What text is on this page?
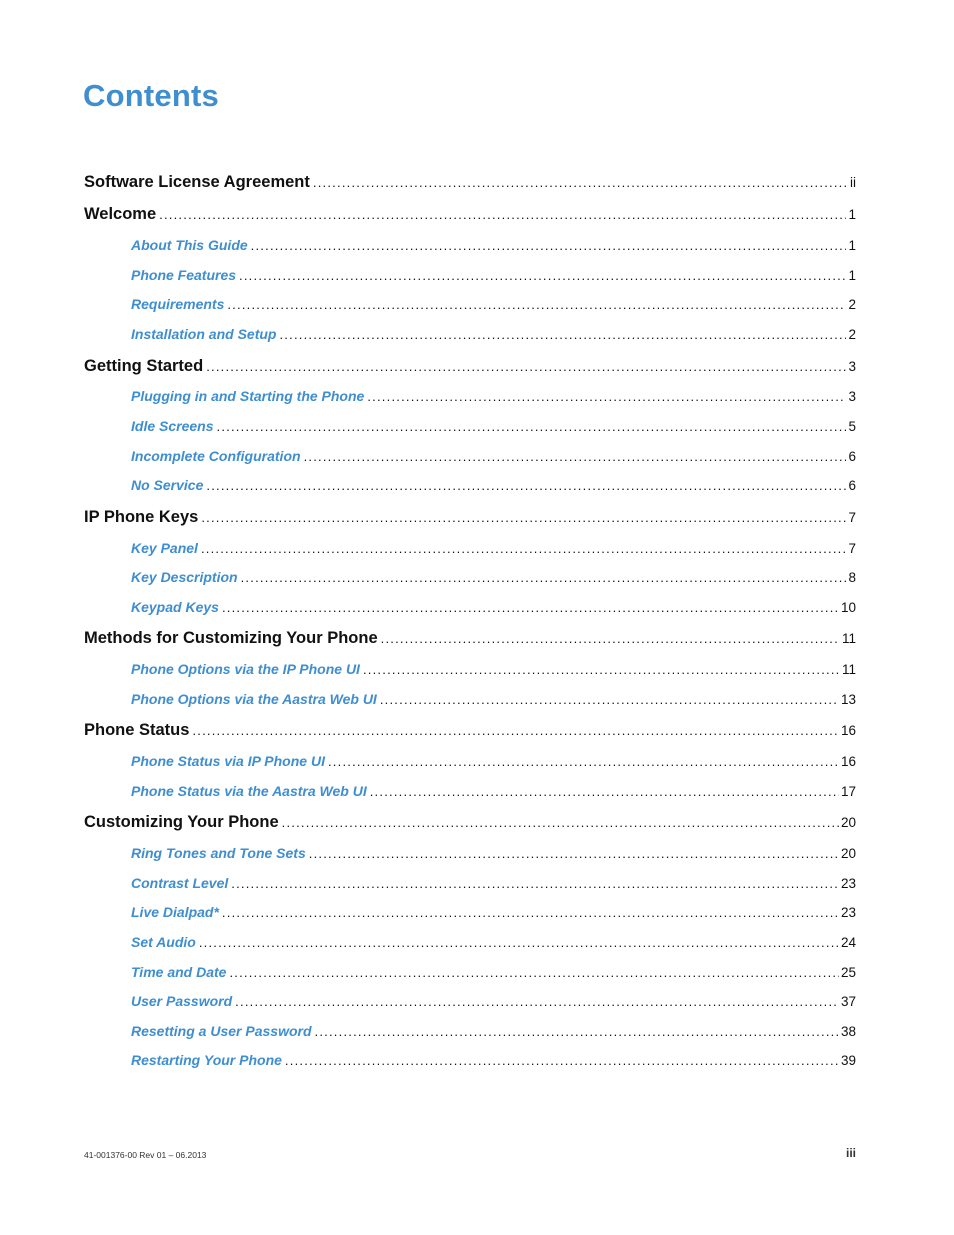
Contents
Software License Agreement . . .	ii
Welcome . . .	1
About This Guide . . .	1
Phone Features . . .	1
Requirements . . .	2
Installation and Setup . . .	2
Getting Started . . .	3
Plugging in and Starting the Phone . . .	3
Idle Screens . . .	5
Incomplete Configuration . . .	6
No Service . . .	6
IP Phone Keys . . .	7
Key Panel . . .	7
Key Description . . .	8
Keypad Keys . . .	10
Methods for Customizing Your Phone . . .	11
Phone Options via the IP Phone UI . . .	11
Phone Options via the Aastra Web UI . . .	13
Phone Status . . .	16
Phone Status via IP Phone UI . . .	16
Phone Status via the Aastra Web UI . . .	17
Customizing Your Phone . . .	20
Ring Tones and Tone Sets . . .	20
Contrast Level . . .	23
Live Dialpad* . . .	23
Set Audio . . .	24
Time and Date . . .	25
User Password . . .	37
Resetting a User Password . . .	38
Restarting Your Phone . . .	39
41-001376-00 Rev 01 – 06.2013	iii
